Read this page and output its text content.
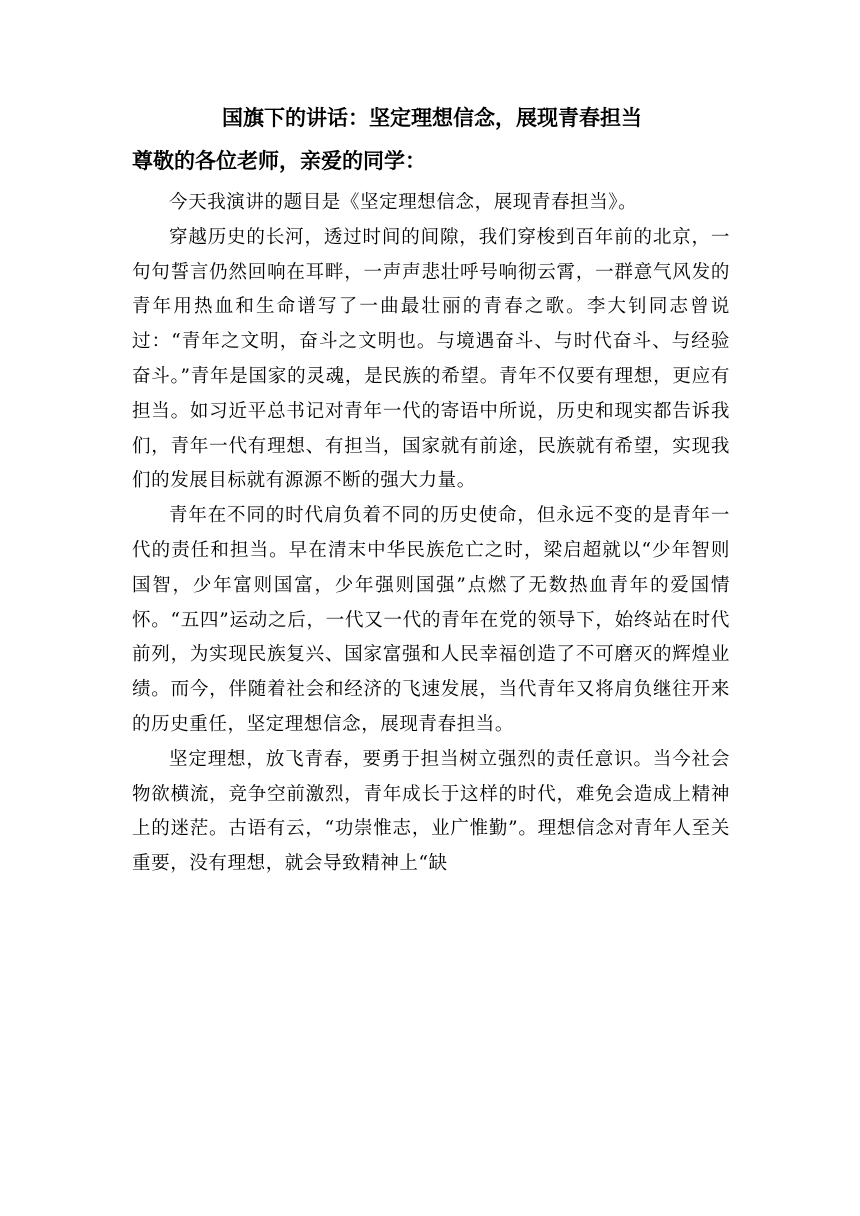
国旗下的讲话：坚定理想信念，展现青春担当
尊敬的各位老师，亲爱的同学：

今天我演讲的题目是《坚定理想信念，展现青春担当》。

穿越历史的长河，透过时间的间隙，我们穿梭到百年前的北京，一句句誓言仍然回响在耳畔，一声声悲壮呼号响彻云霄，一群意气风发的青年用热血和生命谱写了一曲最壮丽的青春之歌。李大钊同志曾说过：“青年之文明，奋斗之文明也。与境遇奋斗、与时代奋斗、与经验奋斗。”青年是国家的灵魂，是民族的希望。青年不仅要有理想，更应有担当。如习近平总书记对青年一代的寄语中所说，历史和现实都告诉我们，青年一代有理想、有担当，国家就有前途，民族就有希望，实现我们的发展目标就有源源不断的强大力量。

青年在不同的时代肩负着不同的历史使命，但永远不变的是青年一代的责任和担当。早在清末中华民族危亡之时，梁启超就以“少年智则国智，少年富则国富，少年强则国强”点燃了无数热血青年的爱国情怀。“五四”运动之后，一代又一代的青年在党的领导下，始终站在时代前列，为实现民族复兴、国家富强和人民幸福创造了不可磨灭的辉煌业绩。而今，伴随着社会和经济的飞速发展，当代青年又将肩负继往开来的历史重任，坚定理想信念，展现青春担当。

坚定理想，放飞青春，要勇于担当树立强烈的责任意识。当今社会物欲横流，竞争空前激烈，青年成长于这样的时代，难免会造成上精神上的迷茫。古语有云，“功崇惟志，业广惟勤”。理想信念对青年人至关重要，没有理想，就会导致精神上“缺
